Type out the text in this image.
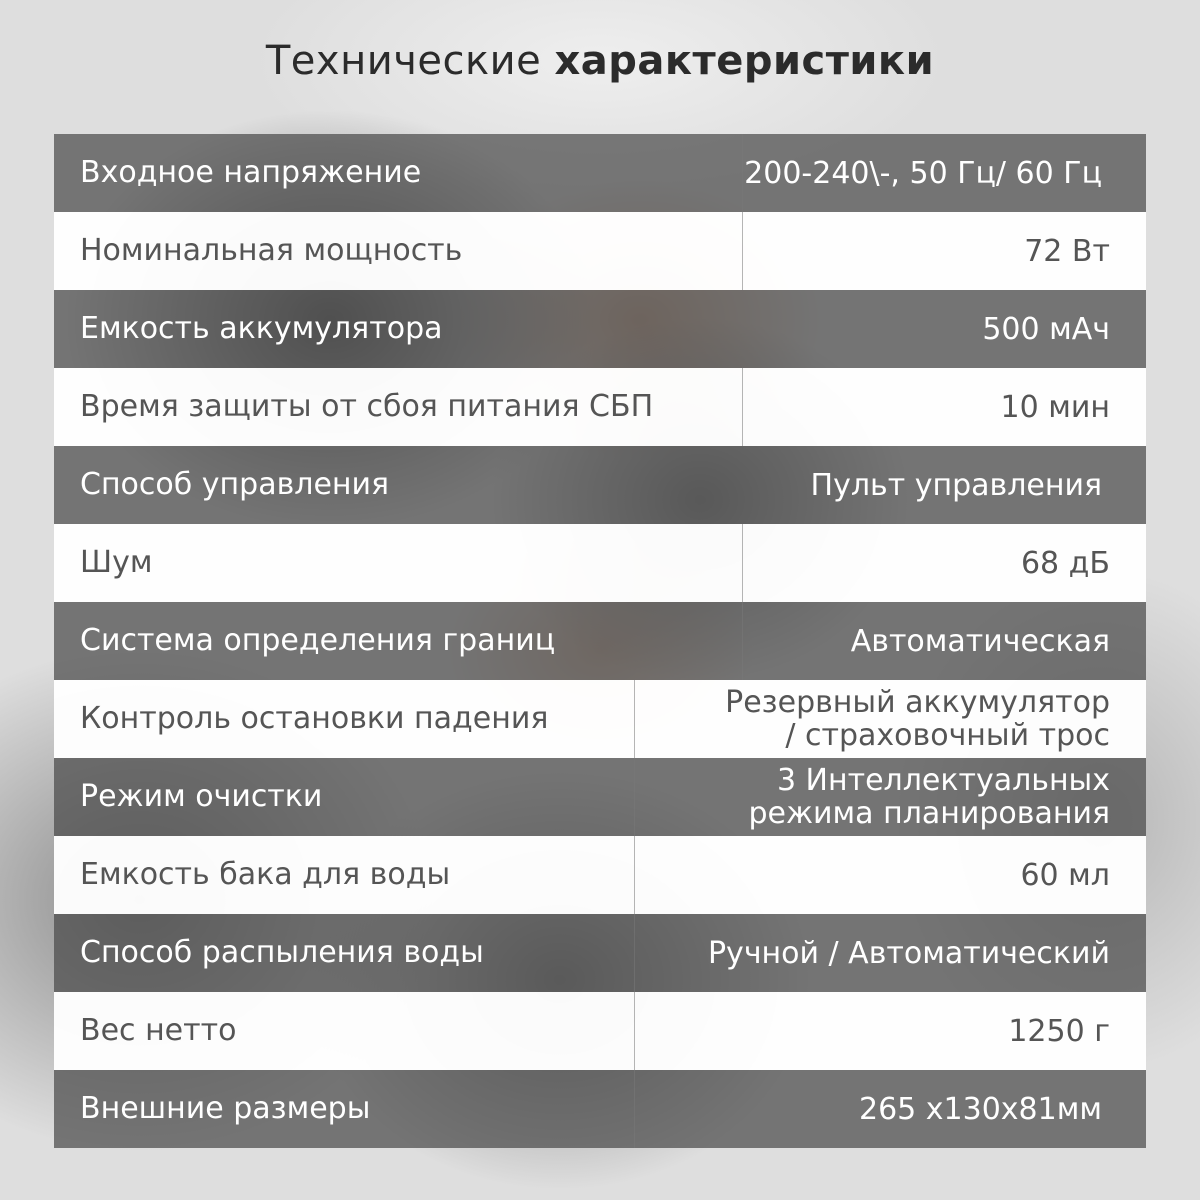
Технические характеристики
Входное напряжение	200-240\-, 50 Гц/ 60 Гц
Номинальная мощность	72 Вт
Емкость аккумулятора	500 мАч
Время защиты от сбоя питания СБП	10 мин
Способ управления	Пульт управления
Шум	68 дБ
Система определения границ	Автоматическая
Контроль остановки падения	Резервный аккумулятор
/ страховочный трос
Режим очистки	3 Интеллектуальных
режима планирования
Емкость бака для воды	60 мл
Способ распыления воды	Ручной / Автоматический
Вес нетто	1250 г
Внешние размеры	265 x130x81мм
